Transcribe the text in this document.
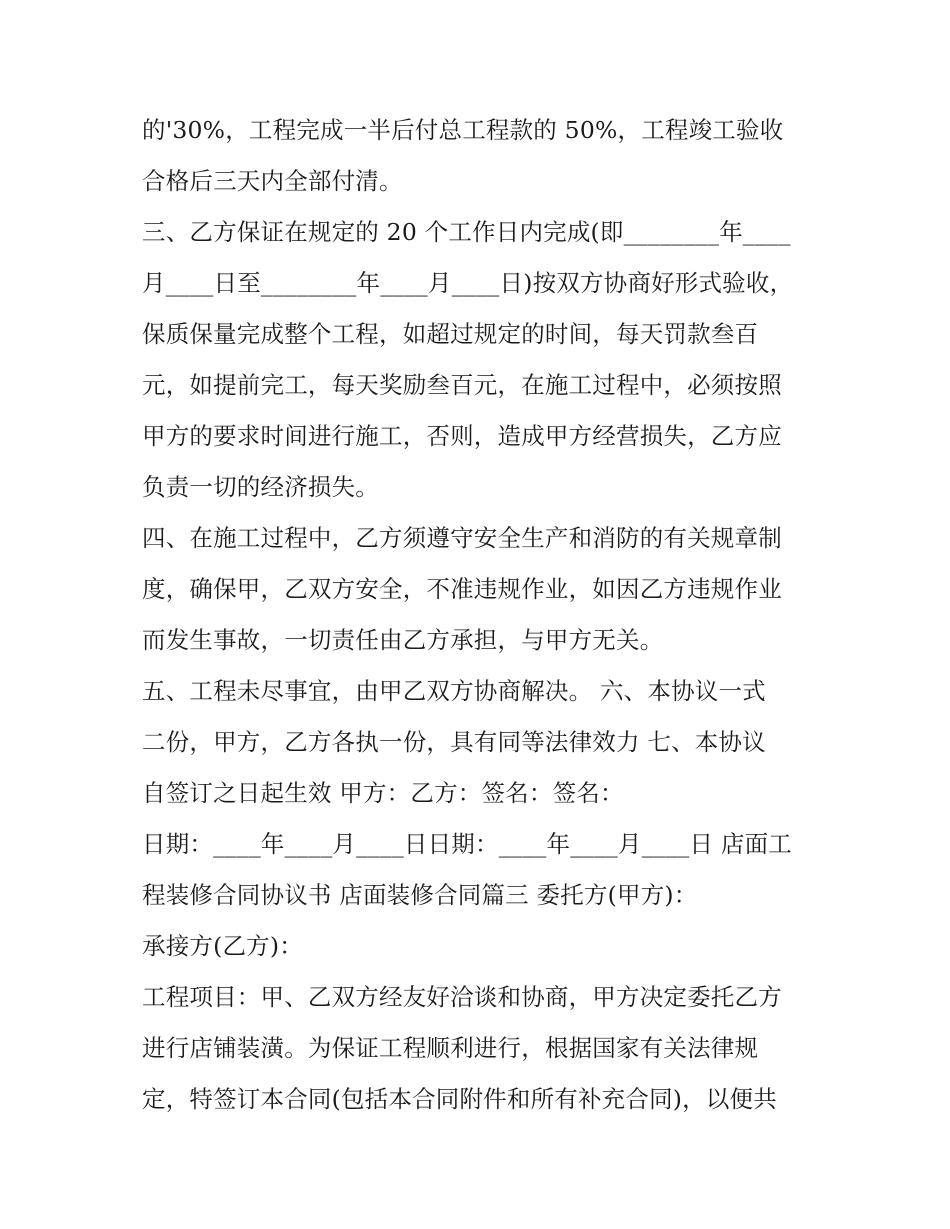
的'30%，工程完成一半后付总工程款的 50%，工程竣工验收
合格后三天内全部付清。
三、乙方保证在规定的 20 个工作日内完成(即________年____
月____日至________年____月____日)按双方协商好形式验收，
保质保量完成整个工程，如超过规定的时间，每天罚款叁百
元，如提前完工，每天奖励叁百元，在施工过程中，必须按照
甲方的要求时间进行施工，否则，造成甲方经营损失，乙方应
负责一切的经济损失。
四、在施工过程中，乙方须遵守安全生产和消防的有关规章制
度，确保甲，乙双方安全，不准违规作业，如因乙方违规作业
而发生事故，一切责任由乙方承担，与甲方无关。
五、工程未尽事宜，由甲乙双方协商解决。 六、本协议一式
二份，甲方，乙方各执一份，具有同等法律效力 七、本协议
自签订之日起生效 甲方：乙方：签名：签名：
日期：____年____月____日日期：____年____月____日 店面工
程装修合同协议书 店面装修合同篇三 委托方(甲方)：
承接方(乙方)：
工程项目：甲、乙双方经友好洽谈和协商，甲方决定委托乙方
进行店铺装潢。为保证工程顺利进行，根据国家有关法律规
定，特签订本合同(包括本合同附件和所有补充合同)，以便共
